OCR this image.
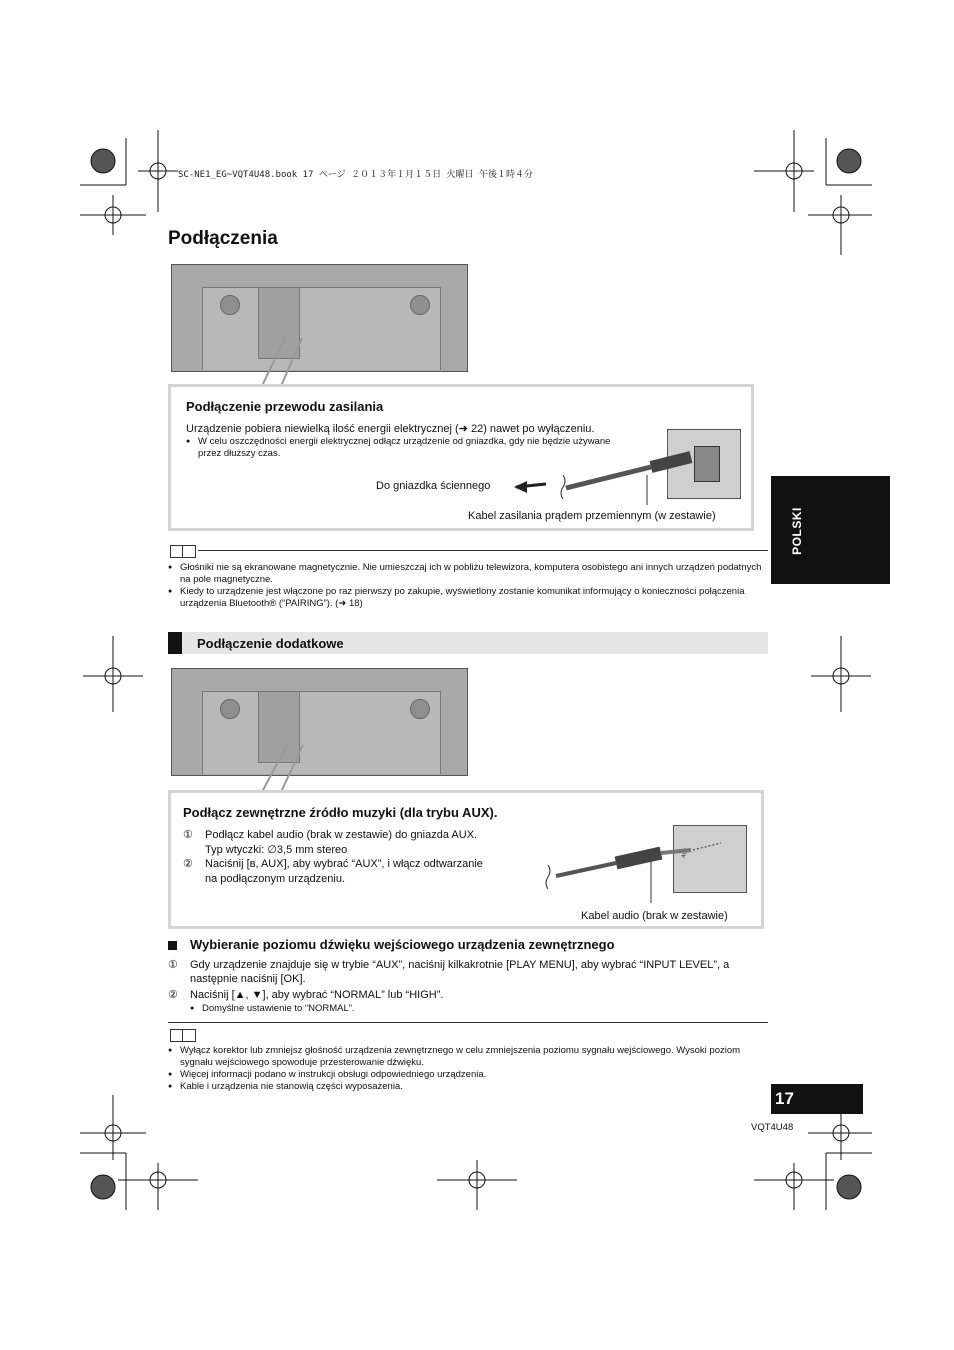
SC-NE1_EG~VQT4U48.book 17 ページ ２０１３年１月１５日 火曜日 午後１時４分
Podłączenia
Podłączenie przewodu zasilania
Urządzenie pobiera niewielką ilość energii elektrycznej (➜ 22) nawet po wyłączeniu.
● W celu oszczędności energii elektrycznej odłącz urządzenie od gniazdka, gdy nie będzie używane przez dłuższy czas.
Do gniazdka ściennego
Kabel zasilania prądem przemiennym (w zestawie)	POLSKI
● Głośniki nie są ekranowane magnetycznie. Nie umieszczaj ich w pobliżu telewizora, komputera osobistego ani innych urządzeń podatnych na pole magnetyczne.
● Kiedy to urządzenie jest włączone po raz pierwszy po zakupie, wyświetlony zostanie komunikat informujący o konieczności połączenia urządzenia Bluetooth® (“PAIRING”). (➜ 18)
Podłączenie dodatkowe
Podłącz zewnętrzne źródło muzyki (dla trybu AUX).
① Podłącz kabel audio (brak w zestawie) do gniazda AUX.
Typ wtyczki: ∅3,5 mm stereo
② Naciśnij [ʙ, AUX], aby wybrać “AUX”, i włącz odtwarzanie
na podłączonym urządzeniu.
Kabel audio (brak w zestawie)
AUX
Wybieranie poziomu dźwięku wejściowego urządzenia zewnętrznego
① Gdy urządzenie znajduje się w trybie “AUX”, naciśnij kilkakrotnie [PLAY MENU], aby wybrać “INPUT LEVEL”, a następnie naciśnij [OK].
② Naciśnij [▲, ▼], aby wybrać “NORMAL” lub “HIGH”.
● Domyślne ustawienie to “NORMAL”.
● Wyłącz korektor lub zmniejsz głośność urządzenia zewnętrznego w celu zmniejszenia poziomu sygnału wejściowego. Wysoki poziom sygnału wejściowego spowoduje przesterowanie dźwięku.
● Więcej informacji podano w instrukcji obsługi odpowiedniego urządzenia.
● Kable i urządzenia nie stanowią części wyposażenia.
17
VQT4U48
